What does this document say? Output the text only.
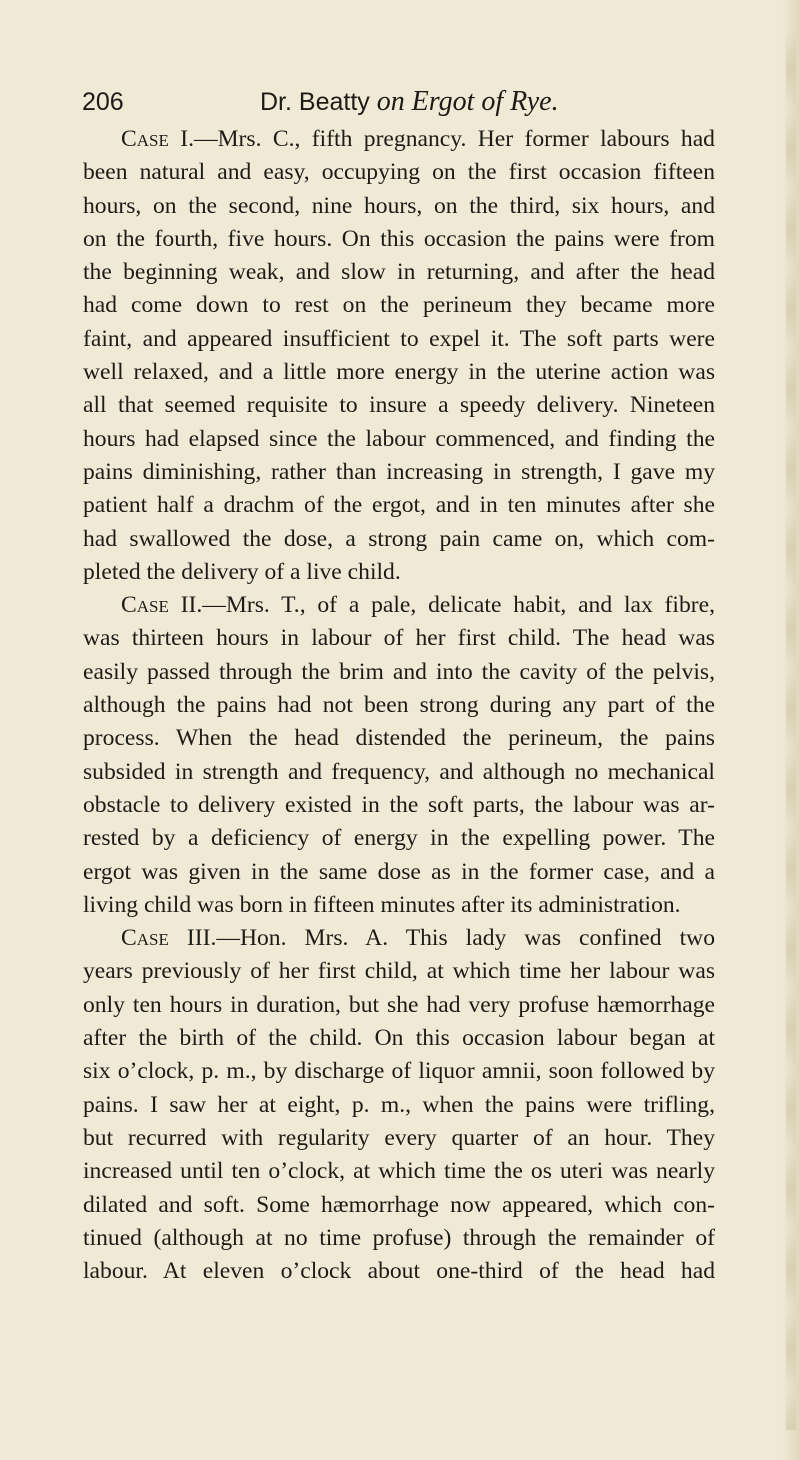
206	Dr. Beatty on Ergot of Rye.
Case I.—Mrs. C., fifth pregnancy. Her former labours had
been natural and easy, occupying on the first occasion fifteen
hours, on the second, nine hours, on the third, six hours, and
on the fourth, five hours. On this occasion the pains were from
the beginning weak, and slow in returning, and after the head
had come down to rest on the perineum they became more
faint, and appeared insufficient to expel it. The soft parts were
well relaxed, and a little more energy in the uterine action was
all that seemed requisite to insure a speedy delivery. Nineteen
hours had elapsed since the labour commenced, and finding the
pains diminishing, rather than increasing in strength, I gave my
patient half a drachm of the ergot, and in ten minutes after she
had swallowed the dose, a strong pain came on, which com-
pleted the delivery of a live child.
Case II.—Mrs. T., of a pale, delicate habit, and lax fibre,
was thirteen hours in labour of her first child. The head was
easily passed through the brim and into the cavity of the pelvis,
although the pains had not been strong during any part of the
process. When the head distended the perineum, the pains
subsided in strength and frequency, and although no mechanical
obstacle to delivery existed in the soft parts, the labour was ar-
rested by a deficiency of energy in the expelling power. The
ergot was given in the same dose as in the former case, and a
living child was born in fifteen minutes after its administration.
Case III.—Hon. Mrs. A. This lady was confined two
years previously of her first child, at which time her labour was
only ten hours in duration, but she had very profuse hæmorrhage
after the birth of the child. On this occasion labour began at
six o’clock, p. m., by discharge of liquor amnii, soon followed by
pains. I saw her at eight, p. m., when the pains were trifling,
but recurred with regularity every quarter of an hour. They
increased until ten o’clock, at which time the os uteri was nearly
dilated and soft. Some hæmorrhage now appeared, which con-
tinued (although at no time profuse) through the remainder of
labour. At eleven o’clock about one-third of the head had
